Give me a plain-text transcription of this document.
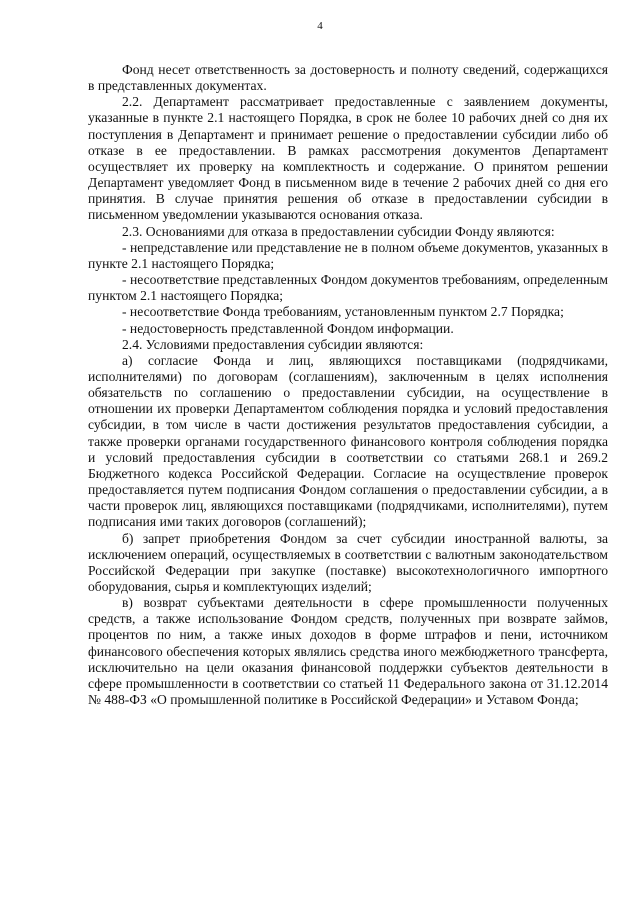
4

Фонд несет ответственность за достоверность и полноту сведений, содержащихся в представленных документах.

2.2. Департамент рассматривает предоставленные с заявлением документы, указанные в пункте 2.1 настоящего Порядка, в срок не более 10 рабочих дней со дня их поступления в Департамент и принимает решение о предоставлении субсидии либо об отказе в ее предоставлении. В рамках рассмотрения документов Департамент осуществляет их проверку на комплектность и содержание. О принятом решении Департамент уведомляет Фонд в письменном виде в течение 2 рабочих дней со дня его принятия. В случае принятия решения об отказе в предоставлении субсидии в письменном уведомлении указываются основания отказа.

2.3. Основаниями для отказа в предоставлении субсидии Фонду являются:

- непредставление или представление не в полном объеме документов, указанных в пункте 2.1 настоящего Порядка;

- несоответствие представленных Фондом документов требованиям, определенным пунктом 2.1 настоящего Порядка;

- несоответствие Фонда требованиям, установленным пунктом 2.7 Порядка;

- недостоверность представленной Фондом информации.

2.4. Условиями предоставления субсидии являются:

а) согласие Фонда и лиц, являющихся поставщиками (подрядчиками, исполнителями) по договорам (соглашениям), заключенным в целях исполнения обязательств по соглашению о предоставлении субсидии, на осуществление в отношении их проверки Департаментом соблюдения порядка и условий предоставления субсидии, в том числе в части достижения результатов предоставления субсидии, а также проверки органами государственного финансового контроля соблюдения порядка и условий предоставления субсидии в соответствии со статьями 268.1 и 269.2 Бюджетного кодекса Российской Федерации. Согласие на осуществление проверок предоставляется путем подписания Фондом соглашения о предоставлении субсидии, а в части проверок лиц, являющихся поставщиками (подрядчиками, исполнителями), путем подписания ими таких договоров (соглашений);

б) запрет приобретения Фондом за счет субсидии иностранной валюты, за исключением операций, осуществляемых в соответствии с валютным законодательством Российской Федерации при закупке (поставке) высокотехнологичного импортного оборудования, сырья и комплектующих изделий;

в) возврат субъектами деятельности в сфере промышленности полученных средств, а также использование Фондом средств, полученных при возврате займов, процентов по ним, а также иных доходов в форме штрафов и пени, источником финансового обеспечения которых являлись средства иного межбюджетного трансферта, исключительно на цели оказания финансовой поддержки субъектов деятельности в сфере промышленности в соответствии со статьей 11 Федерального закона от 31.12.2014 № 488-ФЗ «О промышленной политике в Российской Федерации» и Уставом Фонда;
